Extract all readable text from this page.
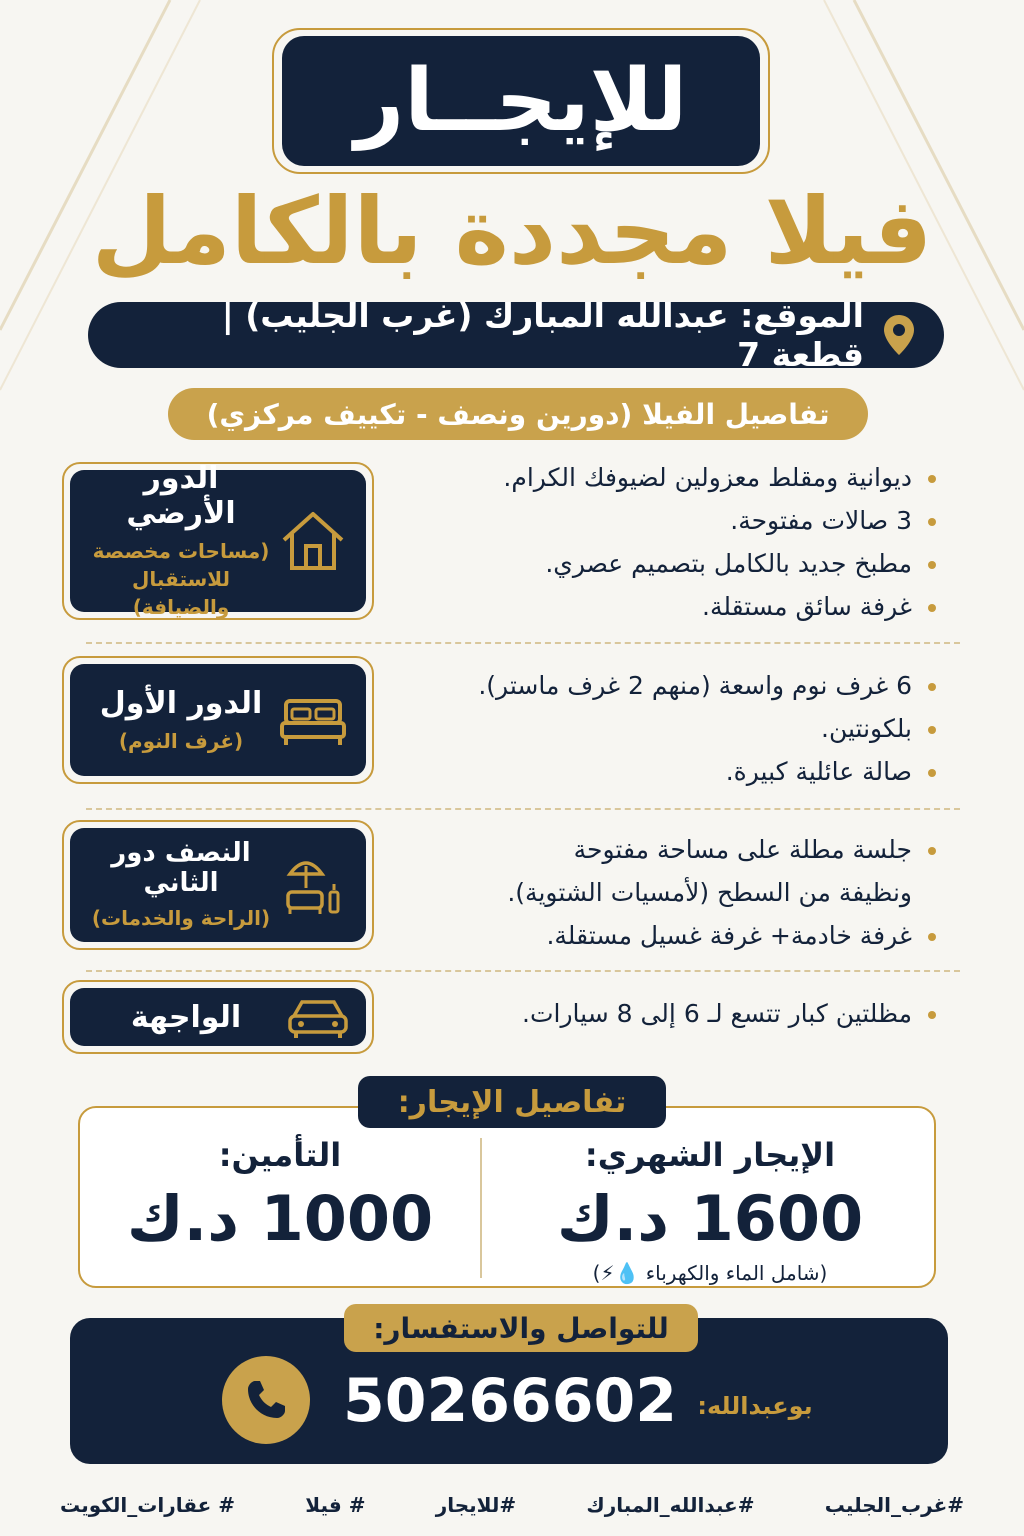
للإيجــار
فيلا مجددة بالكامل
الموقع: عبدالله المبارك (غرب الجليب) | قطعة 7
تفاصيل الفيلا (دورين ونصف - تكييف مركزي)
الدور الأرضي
(مساحات مخصصة للاستقبال والضيافة)
ديوانية ومقلط معزولين لضيوفك الكرام.
3 صالات مفتوحة.
مطبخ جديد بالكامل بتصميم عصري.
غرفة سائق مستقلة.
الدور الأول
(غرف النوم)
6 غرف نوم واسعة (منهم 2 غرف ماستر).
بلكونتين.
صالة عائلية كبيرة.
النصف دور الثاني
(الراحة والخدمات)
جلسة مطلة على مساحة مفتوحة
ونظيفة من السطح (لأمسيات الشتوية).
غرفة خادمة+ غرفة غسيل مستقلة.
الواجهة	مظلتين كبار تتسع لـ 6 إلى 8 سيارات.
تفاصيل الإيجار:
الإيجار الشهري:
1600 د.ك
(شامل الماء والكهرباء 💧⚡)
التأمين:
1000 د.ك
للتواصل والاستفسار:
50266602 بوعبدالله:
#غرب_الجليب
#عبدالله_المبارك
#للايجار
# فيلا
# عقارات_الكويت
